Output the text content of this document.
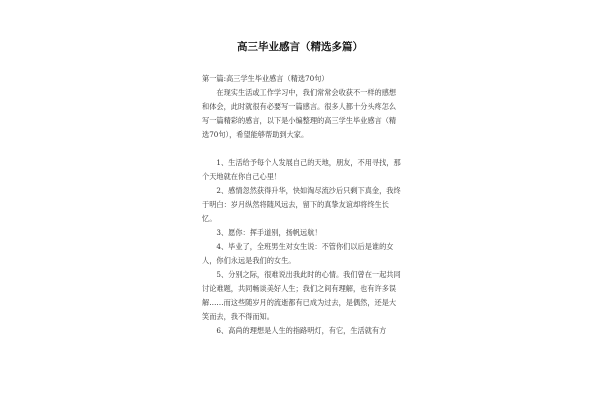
高三毕业感言（精选多篇）

第一篇:高三学生毕业感言（精选70句）

在现实生活或工作学习中，我们常常会收获不一样的感想和体会，此时就很有必要写一篇感言。很多人都十分头疼怎么写一篇精彩的感言，以下是小编整理的高三学生毕业感言（精选70句），希望能够帮助到大家。

1、生活给予每个人发展自己的天地，朋友，不用寻找，那个天地就在你自己心里！

2、感情忽然获得升华，快如淘尽流沙后只剩下真金，我终于明白：岁月纵然将随风远去，留下的真挚友谊却将终生长忆。

3、愿你：挥手道别，扬帆远航！

4、毕业了，全班男生对女生说：不管你们以后是谁的女人，你们永远是我们的女生。

5、分别之际，很难说出我此时的心情。我们曾在一起共同讨论难题，共同畅谈美好人生；我们之间有理解，也有许多误解……而这些随岁月的流逝都有已成为过去，是偶然，还是大笑而去，我不得而知。

6、高尚的理想是人生的指路明灯，有它，生活就有方
